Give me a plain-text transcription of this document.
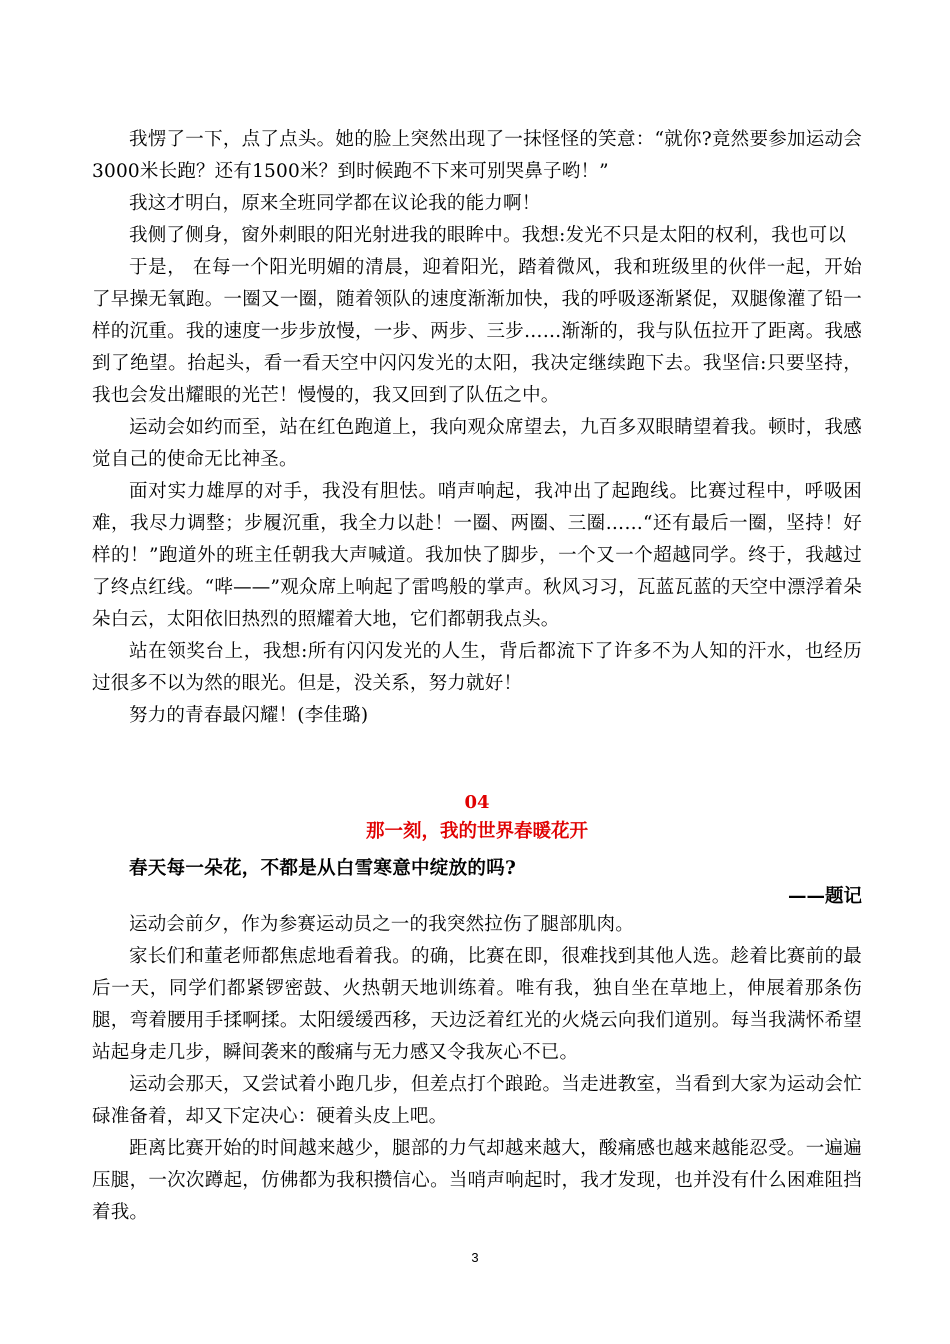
我愣了一下，点了点头。她的脸上突然出现了一抹怪怪的笑意：“就你?竟然要参加运动会3000米长跑？还有1500米？到时候跑不下来可别哭鼻子哟！”

我这才明白，原来全班同学都在议论我的能力啊！

我侧了侧身，窗外刺眼的阳光射进我的眼眸中。我想:发光不只是太阳的权利，我也可以

于是， 在每一个阳光明媚的清晨，迎着阳光，踏着微风，我和班级里的伙伴一起，开始了早操无氧跑。一圈又一圈，随着领队的速度渐渐加快，我的呼吸逐渐紧促，双腿像灌了铅一样的沉重。我的速度一步步放慢，一步、两步、三步……渐渐的，我与队伍拉开了距离。我感到了绝望。抬起头，看一看天空中闪闪发光的太阳，我决定继续跑下去。我坚信:只要坚持，我也会发出耀眼的光芒！慢慢的，我又回到了队伍之中。

运动会如约而至，站在红色跑道上，我向观众席望去，九百多双眼睛望着我。顿时，我感觉自己的使命无比神圣。

面对实力雄厚的对手，我没有胆怯。哨声响起，我冲出了起跑线。比赛过程中，呼吸困难，我尽力调整；步履沉重，我全力以赴！一圈、两圈、三圈……“还有最后一圈，坚持！好样的！”跑道外的班主任朝我大声喊道。我加快了脚步，一个又一个超越同学。终于，我越过了终点红线。“哔——”观众席上响起了雷鸣般的掌声。秋风习习，瓦蓝瓦蓝的天空中漂浮着朵朵白云，太阳依旧热烈的照耀着大地，它们都朝我点头。

站在领奖台上，我想:所有闪闪发光的人生，背后都流下了许多不为人知的汗水，也经历过很多不以为然的眼光。但是，没关系，努力就好！

努力的青春最闪耀！(李佳璐)

04
那一刻，我的世界春暖花开
春天每一朵花，不都是从白雪寒意中绽放的吗?
——题记

运动会前夕，作为参赛运动员之一的我突然拉伤了腿部肌肉。

家长们和董老师都焦虑地看着我。的确，比赛在即，很难找到其他人选。趁着比赛前的最后一天，同学们都紧锣密鼓、火热朝天地训练着。唯有我，独自坐在草地上，伸展着那条伤腿，弯着腰用手揉啊揉。太阳缓缓西移，天边泛着红光的火烧云向我们道别。每当我满怀希望站起身走几步，瞬间袭来的酸痛与无力感又令我灰心不已。

运动会那天，又尝试着小跑几步，但差点打个踉跄。当走进教室，当看到大家为运动会忙碌准备着，却又下定决心：硬着头皮上吧。

距离比赛开始的时间越来越少，腿部的力气却越来越大，酸痛感也越来越能忍受。一遍遍压腿，一次次蹲起，仿佛都为我积攒信心。当哨声响起时，我才发现，也并没有什么困难阻挡着我。

3
